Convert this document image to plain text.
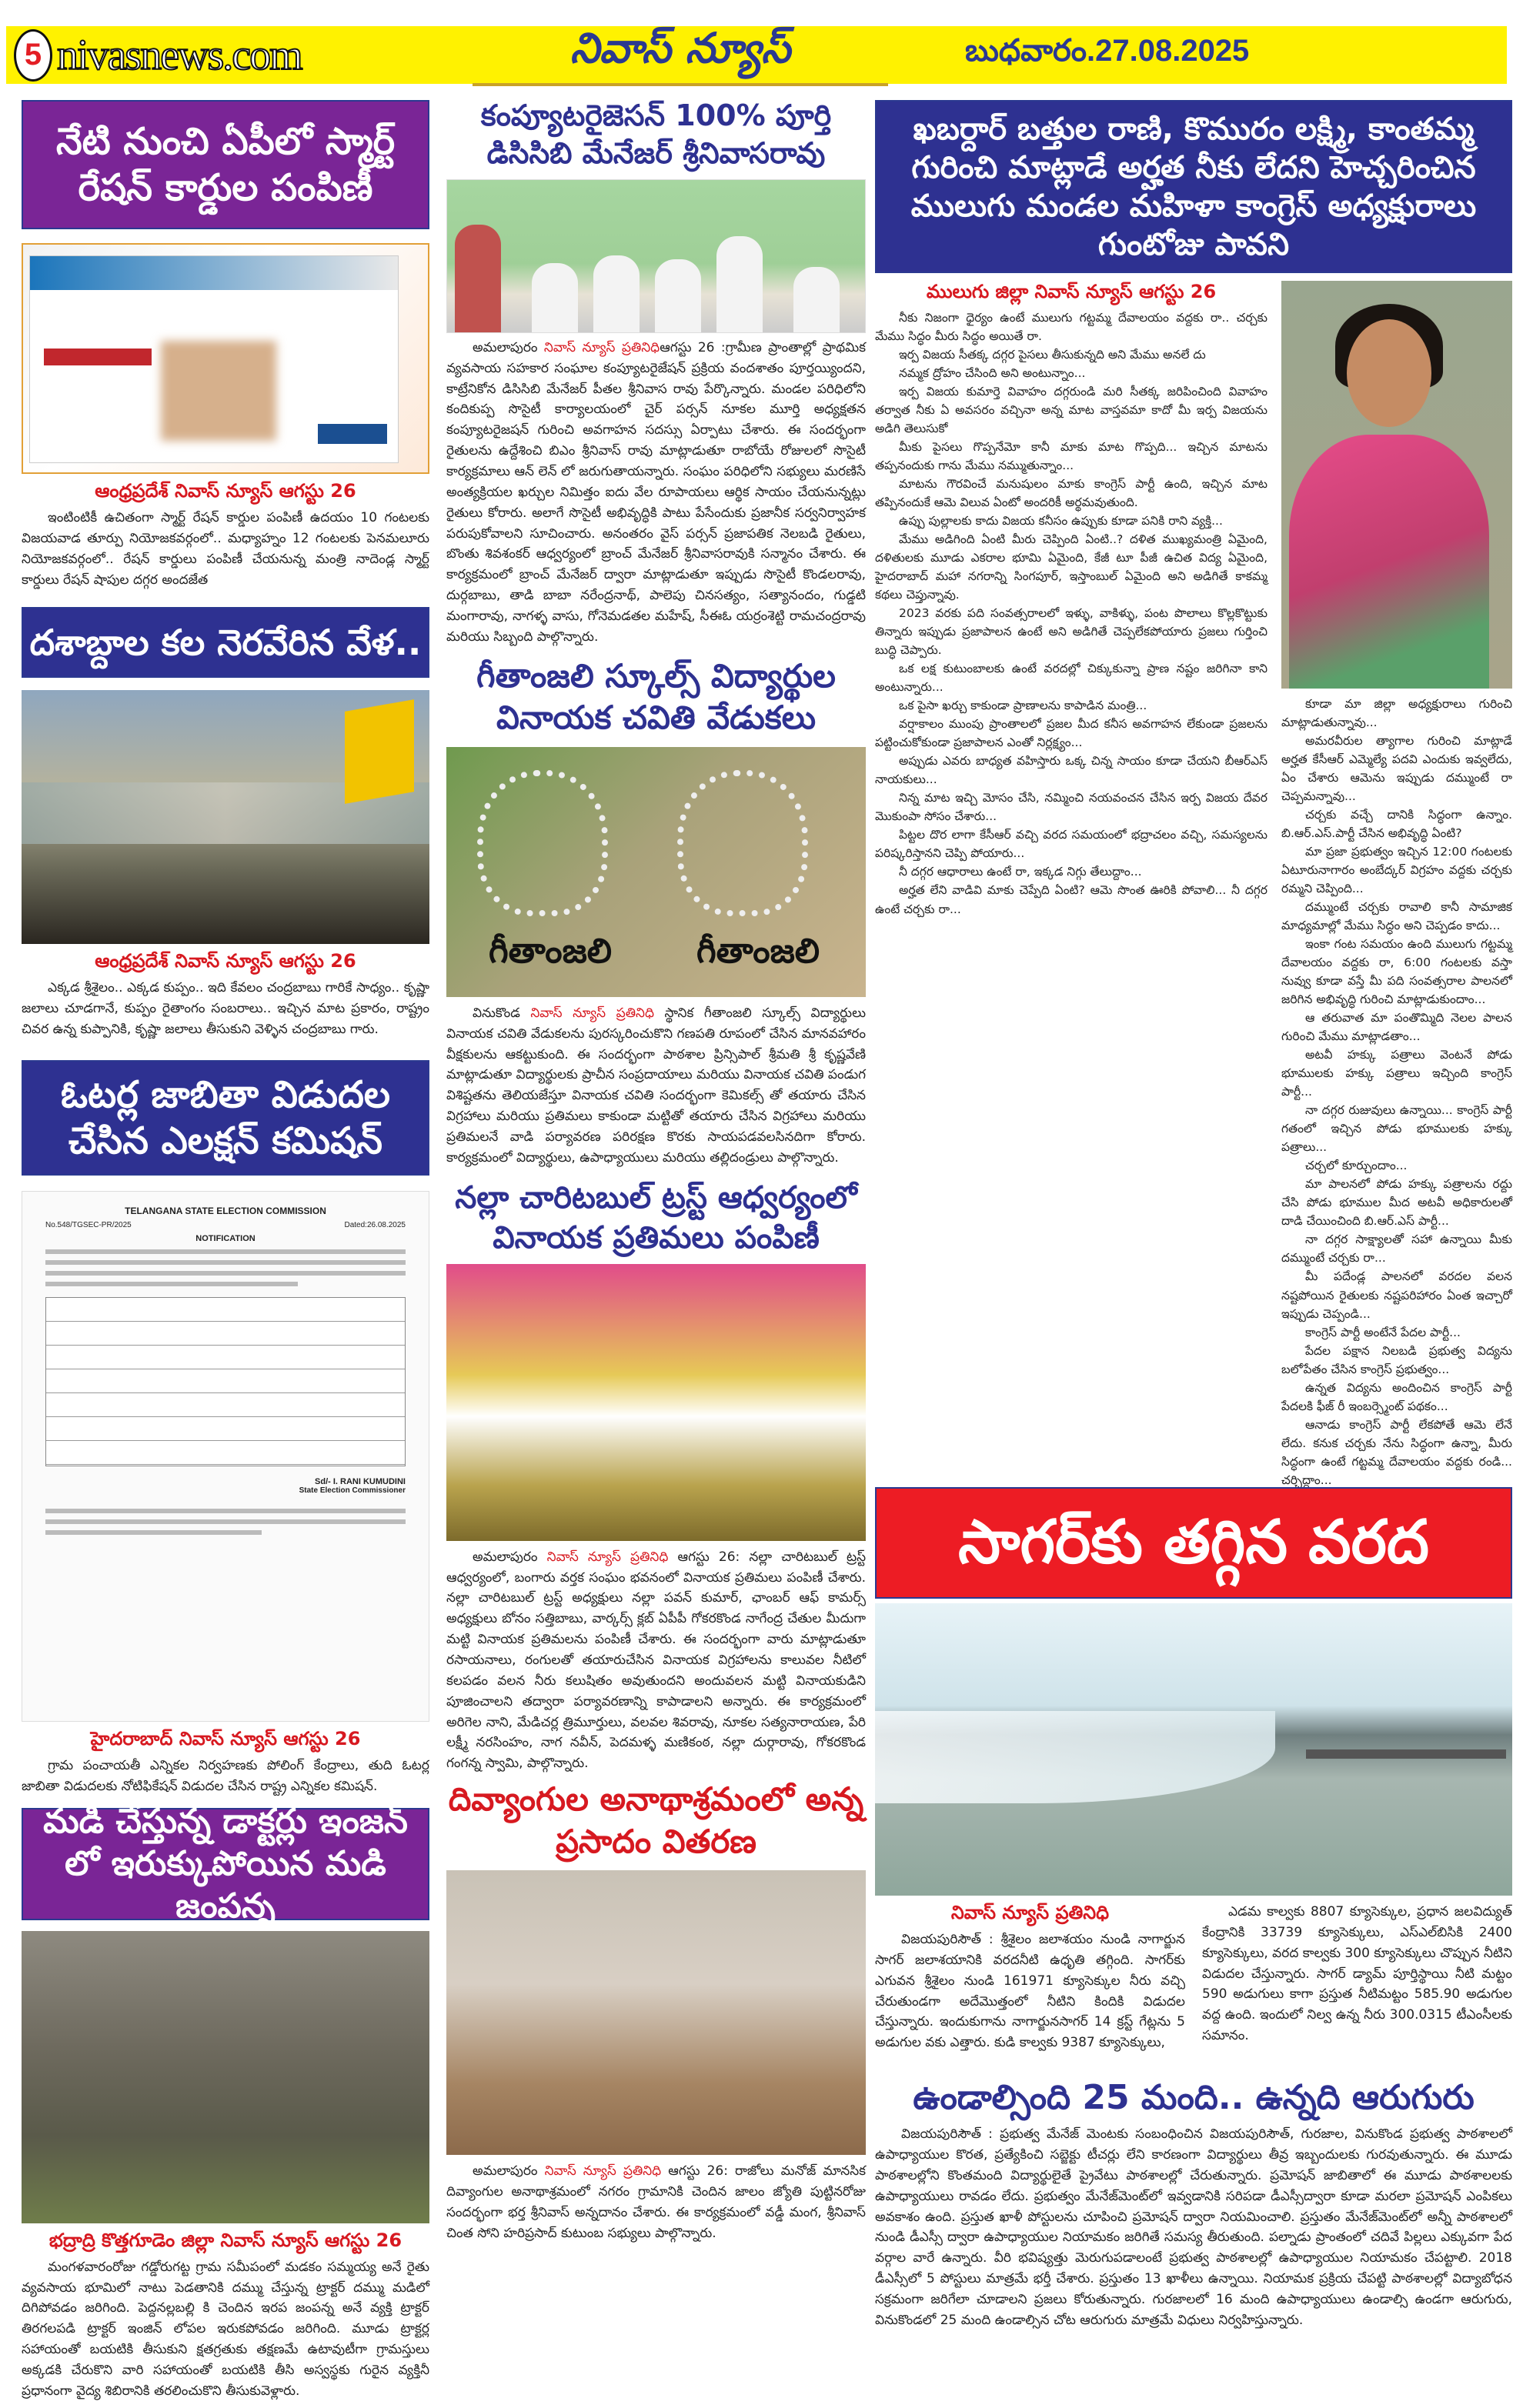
5 nivasnews.com	నివాస్ న్యూస్	బుధవారం.27.08.2025
నేటి నుంచి ఏపీలో స్మార్ట్ రేషన్ కార్డుల పంపిణీ
ఆంధ్రప్రదేశ్ నివాస్ న్యూస్ ఆగస్టు 26

ఇంటింటికీ ఉచితంగా స్మార్ట్ రేషన్ కార్డుల పంపిణీ ఉదయం 10 గంటలకు విజయవాడ తూర్పు నియోజకవర్గంలో.. మధ్యాహ్నం 12 గంటలకు పెనమలూరు నియోజకవర్గంలో.. రేషన్ కార్డులు పంపిణీ చేయనున్న మంత్రి నాదెండ్ల స్మార్ట్ కార్డులు రేషన్ షాపుల దగ్గర అందజేత

దశాబ్దాల కల నెరవేరిన వేళ..
ఆంధ్రప్రదేశ్ నివాస్ న్యూస్ ఆగస్టు 26

ఎక్కడ శ్రీశైలం.. ఎక్కడ కుప్పం.. ఇది కేవలం చంద్రబాబు గారికే సాధ్యం.. కృష్ణా జలాలు చూడగానే, కుప్పం రైతాంగం సంబరాలు.. ఇచ్చిన మాట ప్రకారం, రాష్ట్రం చివర ఉన్న కుప్పానికి, కృష్ణా జలాలు తీసుకుని వెళ్ళిన చంద్రబాబు గారు.

ఓటర్ల జాబితా విడుదల చేసిన ఎలక్షన్ కమిషన్
TELANGANA STATE ELECTION COMMISSION
No.548/TGSEC-PR/2025	Dated:26.08.2025
NOTIFICATION
Sd/- I. RANI KUMUDINI
State Election Commissioner
హైదరాబాద్ నివాస్ న్యూస్ ఆగస్టు 26

గ్రామ పంచాయతీ ఎన్నికల నిర్వహణకు పోలింగ్ కేంద్రాలు, తుది ఓటర్ల జాబితా విడుదలకు నోటిఫికేషన్ విడుదల చేసిన రాష్ట్ర ఎన్నికల కమిషన్.

మడి చేస్తున్న డాక్టర్లు ఇంజన్ లో ఇరుక్కుపోయిన మడి జంపన్న
భద్రాద్రి కొత్తగూడెం జిల్లా నివాస్ న్యూస్ ఆగస్టు 26

మంగళవారంరోజు గడ్డోరుగట్ట గ్రామ సమీపంలో మడకం సమ్మయ్య అనే రైతు వ్యవసాయ భూమిలో నాటు పెడతానికి దమ్ము చేస్తున్న ట్రాక్టర్ దమ్ము మడిలో దిగిపోవడం జరిగింది. పెద్దనల్లబల్లి కి చెందిన ఇరప జంపన్న అనే వ్యక్తి ట్రాక్టర్ తిరగలపడి ట్రాక్టర్ ఇంజిన్ లోపల ఇరుకపోవడం జరిగింది. మూడు ట్రాక్టర్ల సహాయంతో బయటికి తీసుకుని క్షతగ్రతుకు తక్షణమే ఉటావుటీగా గ్రామస్తులు అక్కడకి చేరుకొని వారి సహాయంతో బయటికి తీసి అస్వస్థకు గురైన వ్యక్తినీ ప్రధానంగా వైద్య శిబిరానికి తరలించుకొని తీసుకువెళ్లారు.

కంప్యూటరైజెసన్ 100% పూర్తి డిసిసిబి మేనేజర్ శ్రీనివాసరావు

అమలాపురం నివాస్ న్యూస్ ప్రతినిధిఆగస్టు 26 :గ్రామీణ ప్రాంతాల్లో ప్రాథమిక వ్యవసాయ సహకార సంఘాల కంప్యూటరైజేషన్ ప్రక్రియ వందశాతం పూర్తయ్యిందని, కాట్రేనికోన డిసిసిబి మేనేజర్ పీతల శ్రీనివాస రావు పేర్కొన్నారు. మండల పరిధిలోని కందికుప్ప సొసైటీ కార్యాలయంలో చైర్ పర్సన్ నూకల మూర్తి అధ్యక్షతన కంప్యూటరైజషన్ గురించి అవగాహన సదస్సు ఏర్పాటు చేశారు. ఈ సందర్భంగా రైతులను ఉద్దేశించి బిఎం శ్రీనివాస్ రావు మాట్లాడుతూ రాబోయే రోజులలో సొసైటీ కార్యక్రమాలు ఆన్ లెన్ లో జరుగుతాయన్నారు. సంఘం పరిధిలోని సభ్యులు మరణిసే అంత్యక్రియల ఖర్చుల నిమిత్తం ఐదు వేల రూపాయలు ఆర్థిక సాయం చేయనున్నట్లు రైతులు కోరారు. అలాగే సొసైటీ అభివృద్ధికి పాటు పేసేందుకు ప్రజానీక సర్వనిర్వాహక పరుపుకోవాలని సూచించారు. అనంతరం వైస్ పర్సన్ ప్రజాపతిక నెలబడి రైతులు, బొంతు శివశంకర్ ఆధ్వర్యంలో బ్రాంచ్ మేనేజర్ శ్రీనివాసరావుకి సన్మానం చేశారు. ఈ కార్యక్రమంలో బ్రాంచ్ మేనేజర్ ద్వారా మాట్లాడుతూ ఇప్పుడు సొసైటీ కొండలరావు, దుర్గబాబు, తాడి బాబా నరేంద్రనాథ్, పాలెపు చినసత్యం, సత్యానందం, గుడ్డటి మంగారావు, నాగళ్ళ వాసు, గోనెమడతల మహేష్, సీఈఓ యర్రంశెట్టి రామచంద్రరావు మరియు సిబ్బంది పాల్గొన్నారు.

గీతాంజలి స్కూల్స్ విద్యార్థుల వినాయక చవితి వేడుకలు
గీతాంజలి	గీతాంజలి

వినుకొండ నివాస్ న్యూస్ ప్రతినిధి స్థానిక గీతాంజలి స్కూల్స్ విద్యార్థులు వినాయక చవితి వేడుకలను పురస్కరించుకొని గణపతి రూపంలో చేసిన మానవహారం వీక్షకులను ఆకట్టుకుంది. ఈ సందర్భంగా పాఠశాల ప్రిన్సిపాల్ శ్రీమతి శ్రీ కృష్ణవేణి మాట్లాడుతూ విద్యార్థులకు ప్రాచీన సంప్రదాయాలు మరియు వినాయక చవితి పండుగ విశిష్టతను తెలియజేస్తూ వినాయక చవితి సందర్భంగా కెమికల్స్ తో తయారు చేసిన విగ్రహాలు మరియు ప్రతిమలు కాకుండా మట్టితో తయారు చేసిన విగ్రహాలు మరియు ప్రతిమలనే వాడి పర్యావరణ పరిరక్షణ కొరకు సాయపడవలసినదిగా కోరారు. కార్యక్రమంలో విద్యార్థులు, ఉపాధ్యాయులు మరియు తల్లిదండ్రులు పాల్గొన్నారు.

నల్లా చారిటబుల్ ట్రస్ట్ ఆధ్వర్యంలో వినాయక ప్రతిమలు పంపిణీ

అమలాపురం నివాస్ న్యూస్ ప్రతినిధి ఆగస్టు 26: నల్లా చారిటబుల్ ట్రస్ట్ ఆధ్వర్యంలో, బంగారు వర్తక సంఘం భవనంలో వినాయక ప్రతిమలు పంపిణీ చేశారు. నల్లా చారిటబుల్ ట్రస్ట్ అధ్యక్షులు నల్లా పవన్ కుమార్, ఛాంబర్ ఆఫ్ కామర్స్ అధ్యక్షులు బోనం సత్తిబాబు, వార్కర్స్ క్లబ్ ఏపీపీ గోకరకొండ నాగేంద్ర చేతుల మీదుగా మట్టి వినాయక ప్రతిమలను పంపిణీ చేశారు. ఈ సందర్భంగా వారు మాట్లాడుతూ రసాయనాలు, రంగులతో తయారుచేసిన వినాయక విగ్రహాలను కాలువల నీటిలో కలపడం వలన నీరు కలుషితం అవుతుందని అందువలన మట్టి వినాయకుడిని పూజించాలని తద్వారా పర్యావరణాన్ని కాపాడాలని అన్నారు. ఈ కార్యక్రమంలో అరిగెల నాని, మేడిచర్ల త్రిమూర్తులు, వలవల శివరావు, నూకల సత్యనారాయణ, పేరి లక్ష్మీ నరసింహం, నాగ నవీన్, పెదమళ్ళ మణికంఠ, నల్లా దుర్గారావు, గోకరకొండ గంగన్న స్వామి, పాల్గొన్నారు.

దివ్యాంగుల అనాథాశ్రమంలో అన్న ప్రసాదం వితరణ

అమలాపురం నివాస్ న్యూస్ ప్రతినిధి ఆగస్టు 26: రాజోలు మనోజ్ మానసిక దివ్యాంగుల అనాథాశ్రమంలో నగరం గ్రామానికి చెందిన జాలం జ్యోతి పుట్టినరోజు సందర్భంగా భర్త శ్రీనివాస్ అన్నదానం చేశారు. ఈ కార్యక్రమంలో వడ్డీ మంగ, శ్రీనివాస్ చింత సోని హరిప్రసాద్ కుటుంబ సభ్యులు పాల్గొన్నారు.

ఖబర్దార్ బత్తుల రాణి, కొమురం లక్ష్మి, కాంతమ్మ గురించి మాట్లాడే అర్హత నీకు లేదని హెచ్చరించిన ములుగు మండల మహిళా కాంగ్రెస్ అధ్యక్షురాలు గుంటోజు పావని
ములుగు జిల్లా నివాస్ న్యూస్ ఆగస్టు 26

నీకు నిజంగా ధైర్యం ఉంటే ములుగు గట్టమ్మ దేవాలయం వద్దకు రా.. చర్చకు మేము సిద్ధం మీరు సిద్ధం అయితే రా.

ఇర్ప విజయ సీతక్క దగ్గర పైసలు తీసుకున్నది అని మేము అనలే దు

నమ్మక ద్రోహం చేసింది అని అంటున్నాం...

ఇర్ప విజయ కుమార్తె వివాహం దగ్గరుండి మరి సీతక్క జరిపించింది వివాహం తర్వాత నీకు ఏ అవసరం వచ్చినా అన్న మాట వాస్తవమా కాదో మీ ఇర్ప విజయను అడిగి తెలుసుకో

మీకు పైసలు గొప్పనేమో కానీ మాకు మాట గొప్పది... ఇచ్చిన మాటను తప్పనందుకు గాను మేము నమ్ముతున్నాం...

మాటను గౌరవించే మనుషులం మాకు కాంగ్రెస్ పార్టీ ఉంది, ఇచ్చిన మాట తప్పినందుకే ఆమె విలువ ఏంటో అందరికీ అర్థమవుతుంది.

ఉప్పు పుల్లాలకు కాదు విజయ కనీసం ఉప్పుకు కూడా పనికి రాని వ్యక్తి...

మేము అడిగింది ఏంటి మీరు చెప్పింది ఏంటి..? దళిత ముఖ్యమంత్రి ఏమైంది, దళితులకు మూడు ఎకరాల భూమి ఏమైంది, కేజీ టూ పీజీ ఉచిత విద్య ఏమైంది, హైదరాబాద్ మహా నగరాన్ని సింగపూర్, ఇస్తాంబుల్ ఏమైంది అని అడిగితే కాకమ్మ కథలు చెప్తున్నావు.

2023 వరకు పది సంవత్సరాలలో ఇళ్ళు, వాకిళ్ళు, పంట పొలాలు కొల్లకొట్టుకు తిన్నారు ఇప్పుడు ప్రజాపాలన ఉంటే అని అడిగితే చెప్పలేకపోయారు ప్రజలు గుర్తించి బుద్ధి చెప్పారు.

ఒక లక్ష కుటుంబాలకు ఉంటే వరదల్లో చిక్కుకున్నా ప్రాణ నష్టం జరిగినా కాని అంటున్నారు...

ఒక పైసా ఖర్చు కాకుండా ప్రాణాలను కాపాడిన మంత్రి...

వర్షాకాలం ముంపు ప్రాంతాలలో ప్రజల మీద కనీస అవగాహన లేకుండా ప్రజలను పట్టించుకోకుండా ప్రజాపాలన ఎంతో నిర్లక్ష్యం...

అప్పుడు ఎవరు బాధ్యత వహిస్తారు ఒక్క చిన్న సాయం కూడా చేయని బీఆర్ఎస్ నాయకులు...

నిన్న మాట ఇచ్చి మోసం చేసి, నమ్మించి నయవంచన చేసిన ఇర్ప విజయ దేవర మొకుంపా సోసం చేశారు...

పిట్టల దొర లాగా కేసీఆర్ వచ్చి వరద సమయంలో భద్రాచలం వచ్చి, సమస్యలను పరిష్కరిస్తానని చెప్పి పోయారు...

నీ దగ్గర ఆధారాలు ఉంటే రా, ఇక్కడ నిగ్గు తేలుద్దాం...

అర్హత లేని వాడివి మాకు చెప్పేది ఏంటి? ఆమె సొంత ఊరికి పోవాలి... నీ దగ్గర ఉంటే చర్చకు రా...

కూడా మా జిల్లా అధ్యక్షురాలు గురించి మాట్లాడుతున్నావు...

అమరవీరుల త్యాగాల గురించి మాట్లాడే అర్హత కేసీఆర్ ఎమ్మెల్యే పదవి ఎందుకు ఇవ్వలేదు, ఏం చేశారు ఆమెను ఇప్పుడు దమ్ముంటే రా చెప్పమన్నావు...

చర్చకు వచ్చే దానికి సిద్ధంగా ఉన్నాం. బి.ఆర్.ఎస్.పార్టీ చేసిన అభివృద్ధి ఏంటి?

మా ప్రజా ప్రభుత్వం ఇచ్చిన 12:00 గంటలకు ఏటూరునాగారం అంబేద్కర్ విగ్రహం వద్దకు చర్చకు రమ్మని చెప్పింది...

దమ్ముంటే చర్చకు రావాలి కానీ సామాజిక మాధ్యమాల్లో మేము సిద్ధం అని చెప్పడం కాదు...

ఇంకా గంట సమయం ఉంది ములుగు గట్టమ్మ దేవాలయం వద్దకు రా, 6:00 గంటలకు వస్తా నువ్వు కూడా వస్తే మీ పది సంవత్సరాల పాలనలో జరిగిన అభివృద్ధి గురించి మాట్లాడుకుందాం...

ఆ తరువాత మా పంతొమ్మిది నెలల పాలన గురించి మేము మాట్లాడతాం...

అటవీ హక్కు పత్రాలు వెంటనే పోడు భూములకు హక్కు పత్రాలు ఇచ్చింది కాంగ్రెస్ పార్టీ...

నా దగ్గర రుజువులు ఉన్నాయి... కాంగ్రెస్ పార్టీ గతంలో ఇచ్చిన పోడు భూములకు హక్కు పత్రాలు...

చర్చలో కూర్చుందాం...

మా పాలనలో పోడు హక్కు పత్రాలను రద్దు చేసి పోడు భూముల మీద అటవీ అధికారులతో దాడి చేయించింది బి.ఆర్.ఎస్ పార్టీ...

నా దగ్గర సాక్ష్యాలతో సహా ఉన్నాయి మీకు దమ్ముంటే చర్చకు రా...

మీ పదేండ్ల పాలనలో వరదల వలన నష్టపోయిన రైతులకు నష్టపరిహారం ఏంత ఇచ్చారో ఇప్పుడు చెప్పండి...

కాంగ్రెస్ పార్టీ అంటేనే పేదల పార్టీ...

పేదల పక్షాన నిలబడి ప్రభుత్వ విద్యను బలోపేతం చేసిన కాంగ్రెస్ ప్రభుత్వం...

ఉన్నత విద్యను అందించిన కాంగ్రెస్ పార్టీ పేదలకి ఫీజ్ రీ ఇంబర్స్మెంట్ పథకం...

ఆనాడు కాంగ్రెస్ పార్టీ లేకపోతే ఆమె లేనే లేదు. కనుక చర్చకు నేను సిద్ధంగా ఉన్నా, మీరు సిద్ధంగా ఉంటే గట్టమ్మ దేవాలయం వద్దకు రండి... చర్చిద్దాం...

సాగర్‌కు తగ్గిన వరద
నివాస్ న్యూస్ ప్రతినిధి

విజయపురిసౌత్ : శ్రీశైలం జలాశయం నుండి నాగార్జున సాగర్ జలాశయానికి వరదనీటి ఉధృతి తగ్గింది. సాగర్‌కు ఎగువన శ్రీశైలం నుండి 161971 క్యూసెక్కుల నీరు వచ్చి చేరుతుండగా అదేమొత్తంలో నీటిని కిందికి విడుదల చేస్తున్నారు. ఇందుకుగాను నాగార్జునసాగర్ 14 క్రస్ట్ గేట్లను 5 అడుగుల వకు ఎత్తారు. కుడి కాల్వకు 9387 క్యూసెక్కులు,

ఎడమ కాల్వకు 8807 క్యూసెక్కుల, ప్రధాన జలవిద్యుత్ కేంద్రానికి 33739 క్యూసెక్కులు, ఎస్ఎల్‌బిసికి 2400 క్యూసెక్కులు, వరద కాల్వకు 300 క్యూసెక్కులు చొప్పున నీటిని విడుదల చేస్తున్నారు. సాగర్ డ్యామ్ పూర్తిస్థాయి నీటి మట్టం 590 అడుగులు కాగా ప్రస్తుత నీటిమట్టం 585.90 అడుగుల వద్ద ఉంది. ఇందులో నిల్వ ఉన్న నీరు 300.0315 టీఎంసీలకు సమానం.

ఉండాల్సింది 25 మంది.. ఉన్నది ఆరుగురు

విజయపురిసౌత్ : ప్రభుత్వ మేనేజ్ మెంటకు సంబంధించిన విజయపురిసౌత్, గురజాల, వినుకొండ ప్రభుత్వ పాఠశాలలో ఉపాధ్యాయుల కొరత, ప్రత్యేకించి సబ్జెక్టు టీచర్లు లేని కారణంగా విద్యార్థులు తీవ్ర ఇబ్బందులకు గురవుతున్నారు. ఈ మూడు పాఠశాలల్లోని కొంతమంది విద్యార్థులైతే ప్రైవేటు పాఠశాలల్లో చేరుతున్నారు. ప్రమోషన్ జాబితాలో ఈ మూడు పాఠశాలలకు ఉపాధ్యాయులు రావడం లేదు. ప్రభుత్వం మేనేజ్‌మెంట్‌లో ఇవ్వడానికి సరిపడా డీఎస్సీద్వారా కూడా మరలా ప్రమోషన్ ఎంపికలు అవకాశం ఉంది. ప్రస్తుత ఖాళీ పోస్టులను చూపించి ప్రమోషన్ ద్వారా నియమించాలి. ప్రస్తుతం మేనేజ్‌మెంట్‌లో అన్నీ పాఠశాలలో నుండి డీఎస్సీ ద్వారా ఉపాధ్యాయుల నియామకం జరిగితే సమస్య తీరుతుంది. పల్నాడు ప్రాంతంలో చదివే పిల్లలు ఎక్కువగా పేద వర్గాల వారే ఉన్నారు. వీరి భవిష్యత్తు మెరుగుపడాలంటే ప్రభుత్వ పాఠశాలల్లో ఉపాధ్యాయుల నియామకం చేపట్టాలి. 2018 డీఎస్సీలో 5 పోస్టులు మాత్రమే భర్తీ చేశారు. ప్రస్తుతం 13 ఖాళీలు ఉన్నాయి. నియామక ప్రక్రియ చేపట్టి పాఠశాలల్లో విద్యాబోధన సక్రమంగా జరిగేలా చూడాలని ప్రజలు కోరుతున్నారు. గురజాలలో 16 మంది ఉపాధ్యాయులు ఉండాల్సి ఉండగా ఆరుగురు, వినుకొండలో 25 మంది ఉండాల్సిన చోట ఆరుగురు మాత్రమే విధులు నిర్వహిస్తున్నారు.
